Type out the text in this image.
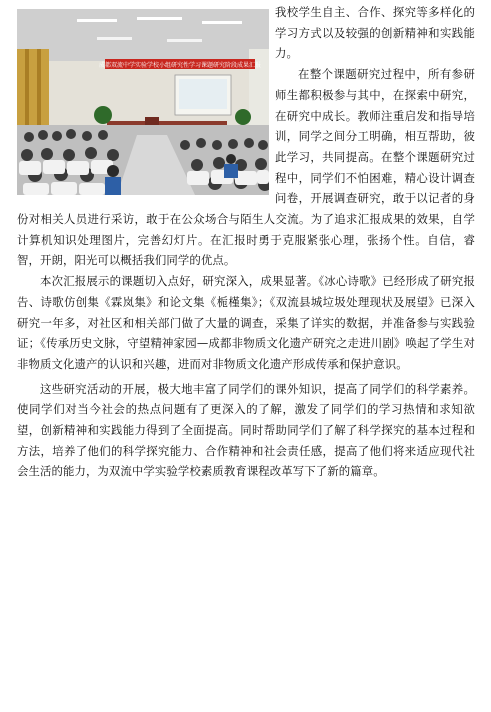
成都双流中学实验学校小组研究性学习课题研究阶段成果汇报

我校学生自主、合作、探究等多样化的学习方式以及较强的创新精神和实践能力。

在整个课题研究过程中，所有参研师生都积极参与其中，在探索中研究，在研究中成长。教师注重启发和指导培训，同学之间分工明确，相互帮助，彼此学习，共同提高。在整个课题研究过程中，同学们不怕困难，精心设计调查问卷，开展调查研究，敢于以记者的身份对相关人员进行采访，敢于在公众场合与陌生人交流。为了追求汇报成果的效果，自学计算机知识处理图片，完善幻灯片。在汇报时勇于克服紧张心理，张扬个性。自信，睿智，开朗，阳光可以概括我们同学的优点。

本次汇报展示的课题切入点好，研究深入，成果显著。《冰心诗歌》已经形成了研究报告、诗歌仿创集《霖岚集》和论文集《栀槿集》；《双流县城垃圾处理现状及展望》已深入研究一年多，对社区和相关部门做了大量的调查，采集了详实的数据，并准备参与实践验证；《传承历史文脉，守望精神家园—成都非物质文化遗产研究之走进川剧》唤起了学生对非物质文化遗产的认识和兴趣，进而对非物质文化遗产形成传承和保护意识。

这些研究活动的开展，极大地丰富了同学们的课外知识，提高了同学们的科学素养。使同学们对当今社会的热点问题有了更深入的了解，激发了同学们的学习热情和求知欲望，创新精神和实践能力得到了全面提高。同时帮助同学们了解了科学探究的基本过程和方法，培养了他们的科学探究能力、合作精神和社会责任感，提高了他们将来适应现代社会生活的能力，为双流中学实验学校素质教育课程改革写下了新的篇章。
